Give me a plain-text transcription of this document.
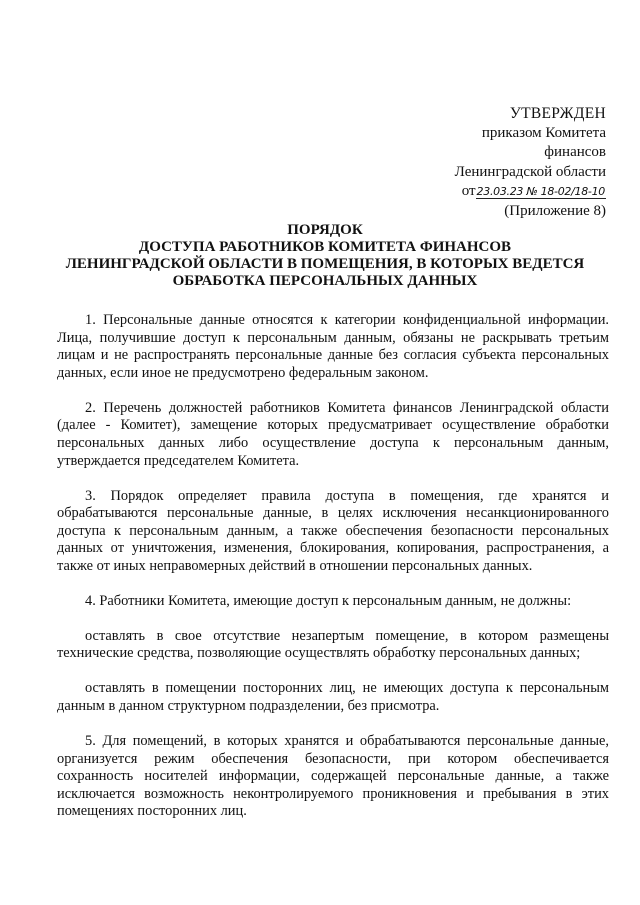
УТВЕРЖДЕН
приказом Комитета
финансов
Ленинградской области
от23.03.23 № 18-02/18-10
(Приложение 8)
ПОРЯДОК
ДОСТУПА РАБОТНИКОВ КОМИТЕТА ФИНАНСОВ
ЛЕНИНГРАДСКОЙ ОБЛАСТИ В ПОМЕЩЕНИЯ, В КОТОРЫХ ВЕДЕТСЯ
ОБРАБОТКА ПЕРСОНАЛЬНЫХ ДАННЫХ

1. Персональные данные относятся к категории конфиденциальной информации. Лица, получившие доступ к персональным данным, обязаны не раскрывать третьим лицам и не распространять персональные данные без согласия субъекта персональных данных, если иное не предусмотрено федеральным законом.

2. Перечень должностей работников Комитета финансов Ленинградской области (далее - Комитет), замещение которых предусматривает осуществление обработки персональных данных либо осуществление доступа к персональным данным, утверждается председателем Комитета.

3. Порядок определяет правила доступа в помещения, где хранятся и обрабатываются персональные данные, в целях исключения несанкционированного доступа к персональным данным, а также обеспечения безопасности персональных данных от уничтожения, изменения, блокирования, копирования, распространения, а также от иных неправомерных действий в отношении персональных данных.

4. Работники Комитета, имеющие доступ к персональным данным, не должны:

оставлять в свое отсутствие незапертым помещение, в котором размещены технические средства, позволяющие осуществлять обработку персональных данных;

оставлять в помещении посторонних лиц, не имеющих доступа к персональным данным в данном структурном подразделении, без присмотра.

5. Для помещений, в которых хранятся и обрабатываются персональные данные, организуется режим обеспечения безопасности, при котором обеспечивается сохранность носителей информации, содержащей персональные данные, а также исключается возможность неконтролируемого проникновения и пребывания в этих помещениях посторонних лиц.
